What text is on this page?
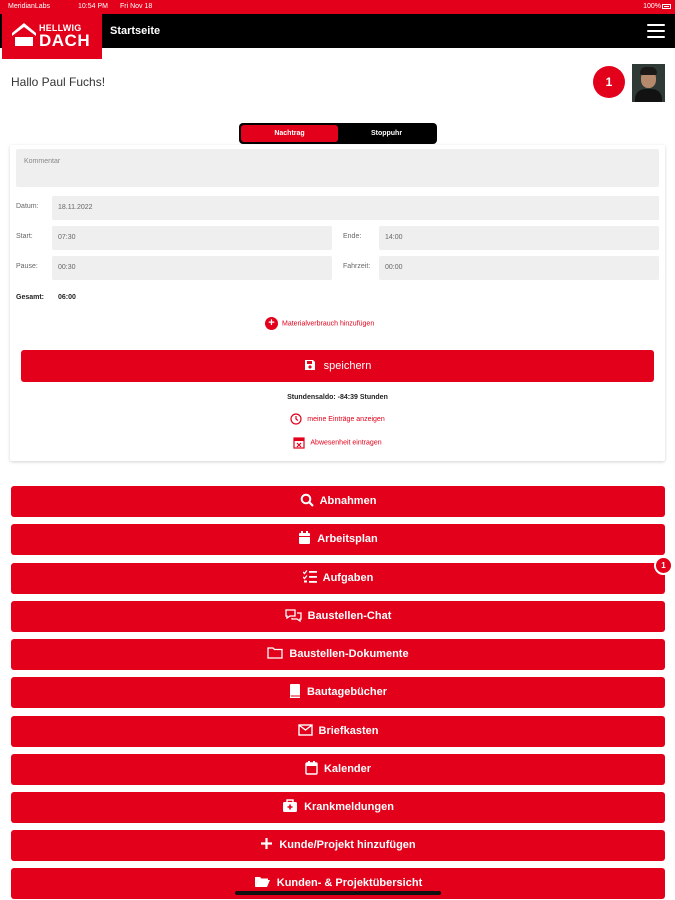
MeridianLabs	10:54 PM Fri Nov 18	100%
Startseite
HELLWIG
DACH
Hallo Paul Fuchs!	1
Nachtrag	Stoppuhr
Kommentar
Datum:	18.11.2022
Start:	07:30	Ende:	14:00
Pause:	00:30	Fahrzeit:	00:00
Gesamt: 06:00
+ Materialverbrauch hinzufügen
speichern
Stundensaldo: -84:39 Stunden
meine Einträge anzeigen
Abwesenheit eintragen
Abnahmen
Arbeitsplan
Aufgaben
1
Baustellen-Chat
Baustellen-Dokumente
Bautagebücher
Briefkasten
Kalender
Krankmeldungen
Kunde/Projekt hinzufügen
Kunden- & Projektübersicht
